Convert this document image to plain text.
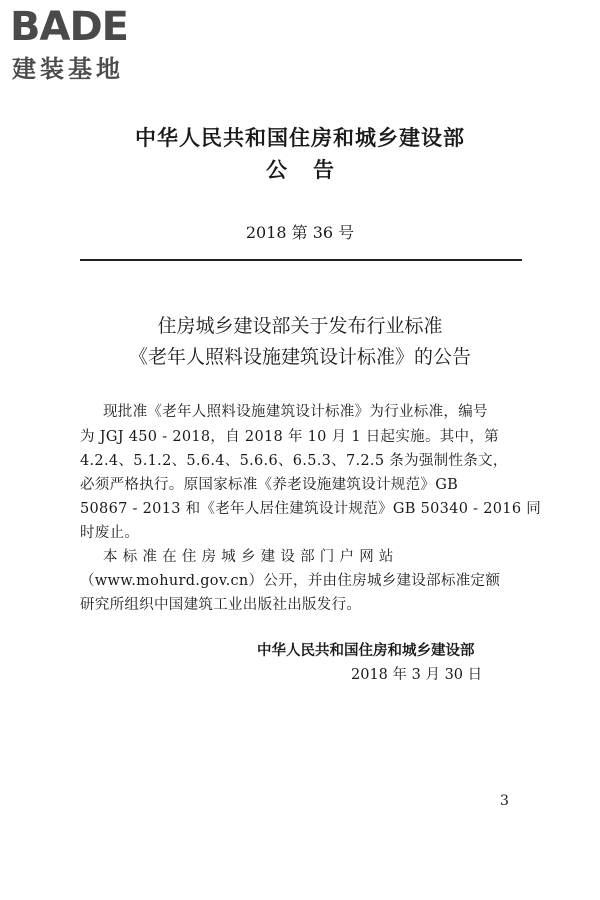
BADE
建装基地
中华人民共和国住房和城乡建设部
公告
2018 第 36 号
住房城乡建设部关于发布行业标准
《老年人照料设施建筑设计标准》的公告
现批准《老年人照料设施建筑设计标准》为行业标准，编号
为 JGJ 450 - 2018，自 2018 年 10 月 1 日起实施。其中，第
4.2.4、5.1.2、5.6.4、5.6.6、6.5.3、7.2.5 条为强制性条文，
必须严格执行。原国家标准《养老设施建筑设计规范》GB
50867 - 2013 和《老年人居住建筑设计规范》GB 50340 - 2016 同
时废止。
本 标 准 在 住 房 城 乡 建 设 部 门 户 网 站
（www.mohurd.gov.cn）公开，并由住房城乡建设部标准定额
研究所组织中国建筑工业出版社出版发行。
中华人民共和国住房和城乡建设部
2018 年 3 月 30 日
3
